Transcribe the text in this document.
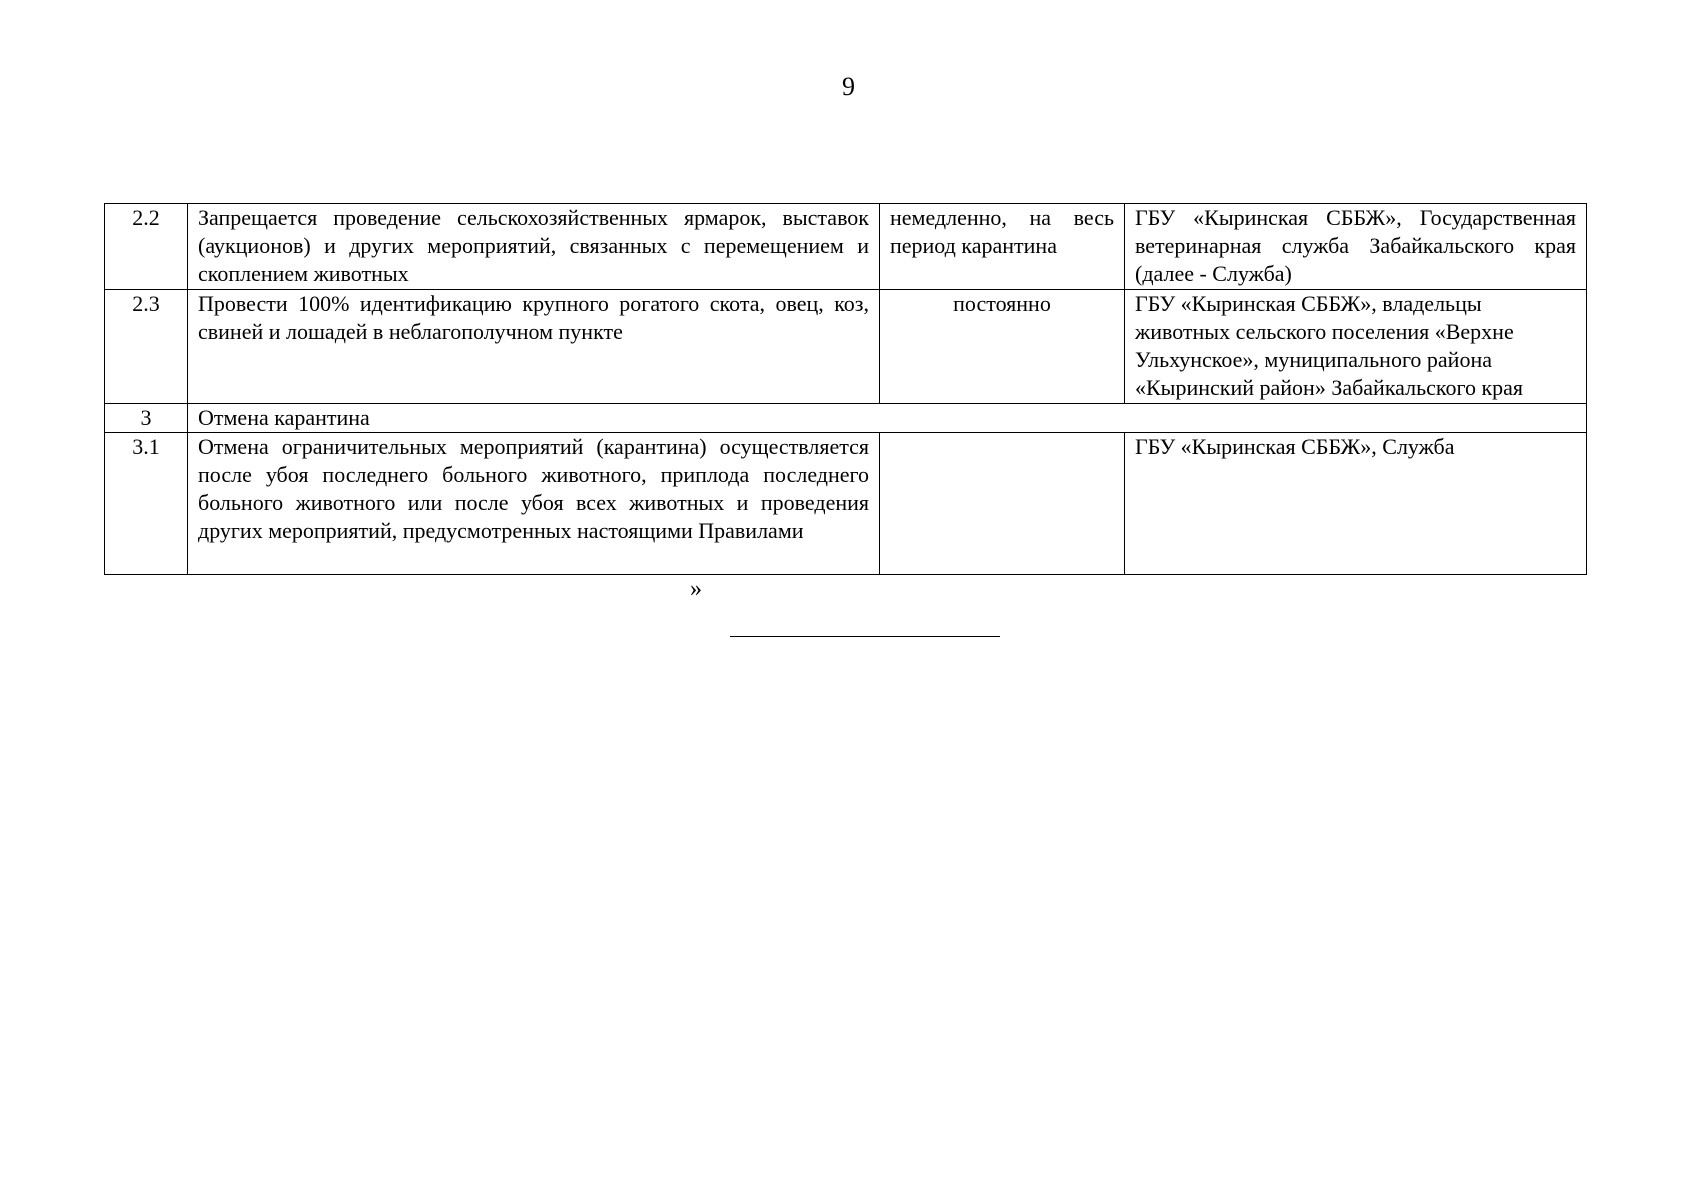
9
2.2	Запрещается проведение сельскохозяйственных ярмарок, выставок (аукционов) и других мероприятий, связанных с перемещением и скоплением животных	немедленно, на весь период карантина	ГБУ «Кыринская СББЖ», Государственная ветеринарная служба Забайкальского края (далее - Служба)
2.3	Провести 100% идентификацию крупного рогатого скота, овец, коз, свиней и лошадей в неблагополучном пункте	постоянно	ГБУ «Кыринская СББЖ», владельцы животных сельского поселения «Верхне Ульхунское», муниципального района «Кыринский район» Забайкальского края
3	Отмена карантина		
3.1	Отмена ограничительных мероприятий (карантина) осуществляется после убоя последнего больного животного, приплода последнего больного животного или после убоя всех животных и проведения других мероприятий, предусмотренных настоящими Правилами		ГБУ «Кыринская СББЖ», Служба
»
